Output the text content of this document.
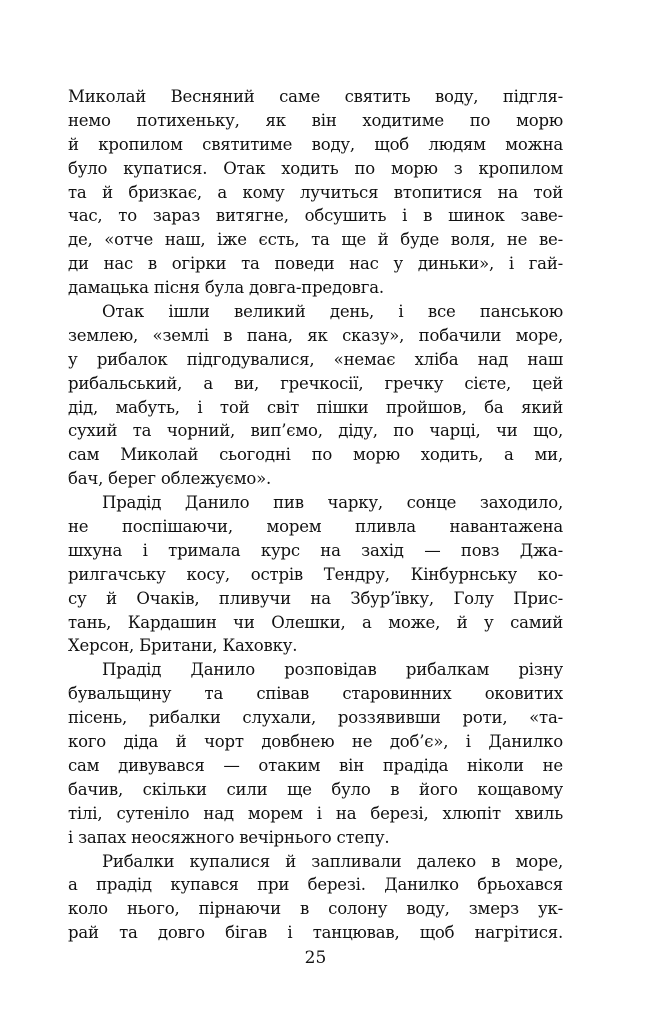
Миколай Весняний саме святить воду, підгля-
немо потихеньку, як він ходитиме по морю
й кропилом святитиме воду, щоб людям можна
було купатися. Отак ходить по морю з кропилом
та й бризкає, а кому лучиться втопитися на той
час, то зараз витягне, обсушить і в шинок заве-
де, «отче наш, іже єсть, та ще й буде воля, не ве-
ди нас в огірки та поведи нас у диньки», і гай-
дамацька пісня була довга-предовга.
Отак ішли великий день, і все панською
землею, «землі в пана, як сказу», побачили море,
у рибалок підгодувалися, «немає хліба над наш
рибальський, а ви, гречкосії, гречку сієте, цей
дід, мабуть, і той світ пішки пройшов, ба який
сухий та чорний, вип’ємо, діду, по чарці, чи що,
сам Миколай сьогодні по морю ходить, а ми,
бач, берег облежуємо».
Прадід Данило пив чарку, сонце заходило,
не поспішаючи, морем пливла навантажена
шхуна і тримала курс на захід — повз Джа-
рилгачську косу, острів Тендру, Кінбурнську ко-
су й Очаків, пливучи на Збур’ївку, Голу Прис-
тань, Кардашин чи Олешки, а може, й у самий
Херсон, Британи, Каховку.
Прадід Данило розповідав рибалкам різну
бувальщину та співав старовинних оковитих
пісень, рибалки слухали, роззявивши роти, «та-
кого діда й чорт довбнею не доб’є», і Данилко
сам дивувався — отаким він прадіда ніколи не
бачив, скільки сили ще було в його кощавому
тілі, сутеніло над морем і на березі, хлюпіт хвиль
і запах неосяжного вечірнього степу.
Рибалки купалися й запливали далеко в море,
а прадід купався при березі. Данилко брьохався
коло нього, пірнаючи в солону воду, змерз ук-
рай та довго бігав і танцював, щоб нагрітися.
25
